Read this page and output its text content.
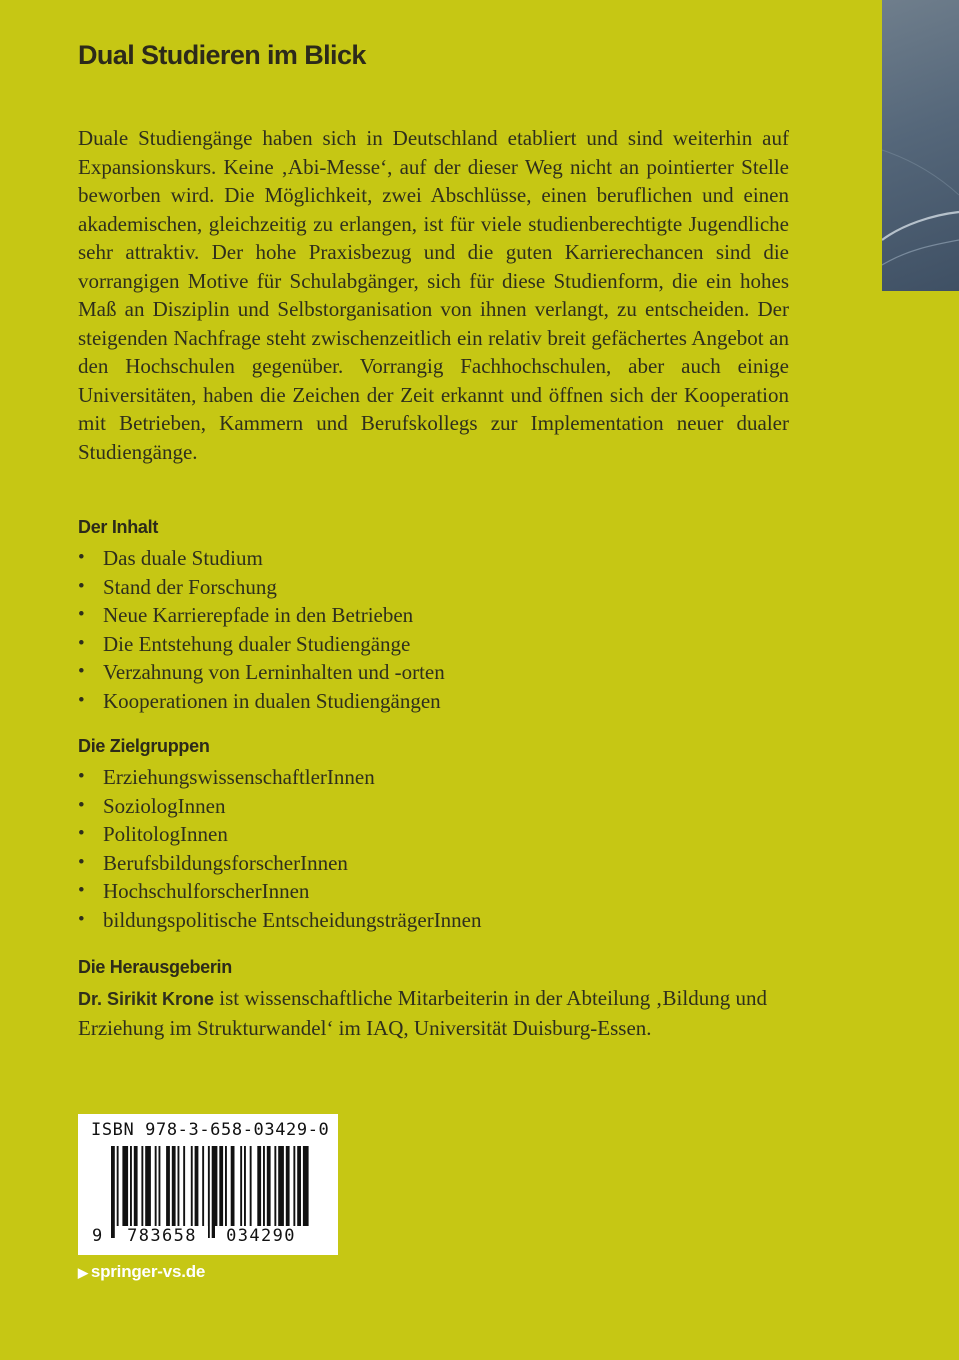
Dual Studieren im Blick

Duale Studiengänge haben sich in Deutschland etabliert und sind weiterhin auf Expansionskurs. Keine ‚Abi-Messe‘, auf der dieser Weg nicht an pointierter Stelle beworben wird. Die Möglichkeit, zwei Abschlüsse, einen beruflichen und einen akademischen, gleichzeitig zu erlangen, ist für viele studienberechtigte Jugendliche sehr attraktiv. Der hohe Praxisbezug und die guten Karrierechancen sind die vorrangigen Motive für Schulabgänger, sich für diese Studienform, die ein hohes Maß an Disziplin und Selbstorganisation von ihnen verlangt, zu entscheiden. Der steigenden Nachfrage steht zwischenzeitlich ein relativ breit gefächertes Angebot an den Hochschulen gegenüber. Vorrangig Fachhochschulen, aber auch einige Universitäten, haben die Zeichen der Zeit erkannt und öffnen sich der Kooperation mit Betrieben, Kammern und Berufskollegs zur Implementation neuer dualer Studiengänge.

Der Inhalt
• Das duale Studium
• Stand der Forschung
• Neue Karrierepfade in den Betrieben
• Die Entstehung dualer Studiengänge
• Verzahnung von Lerninhalten und -orten
• Kooperationen in dualen Studiengängen
Die Zielgruppen
• ErziehungswissenschaftlerInnen
• SoziologInnen
• PolitologInnen
• BerufsbildungsforscherInnen
• HochschulforscherInnen
• bildungspolitische EntscheidungsträgerInnen
Die Herausgeberin

Dr. Sirikit Krone ist wissenschaftliche Mitarbeiterin in der Abteilung ‚Bildung und Erziehung im Strukturwandel‘ im IAQ, Universität Duisburg-Essen.

ISBN 978-3-658-03429-0
9	783658	034290
▶ springer-vs.de
